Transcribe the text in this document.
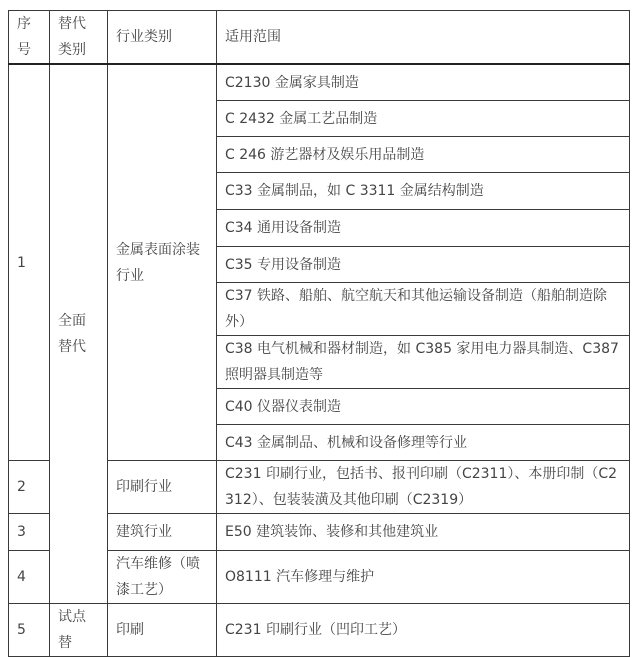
序号	替代类别	行业类别	适用范围
1	全面替代	金属表面涂装行业	C2130 金属家具制造
			C 2432 金属工艺品制造
			C 246 游艺器材及娱乐用品制造
			C33 金属制品，如 C 3311 金属结构制造
			C34 通用设备制造
			C35 专用设备制造
			C37 铁路、船舶、航空航天和其他运输设备制造（船舶制造除外）
			C38 电气机械和器材制造，如 C385 家用电力器具制造、C387 照明器具制造等
			C40 仪器仪表制造
			C43 金属制品、机械和设备修理等行业
2		印刷行业	C231 印刷行业，包括书、报刊印刷（C2311）、本册印制（C2312）、包装装潢及其他印刷（C2319）
3		建筑行业	E50 建筑装饰、装修和其他建筑业
4		汽车维修（喷漆工艺）	O8111 汽车修理与维护
5	试点替	印刷	C231 印刷行业（凹印工艺）
